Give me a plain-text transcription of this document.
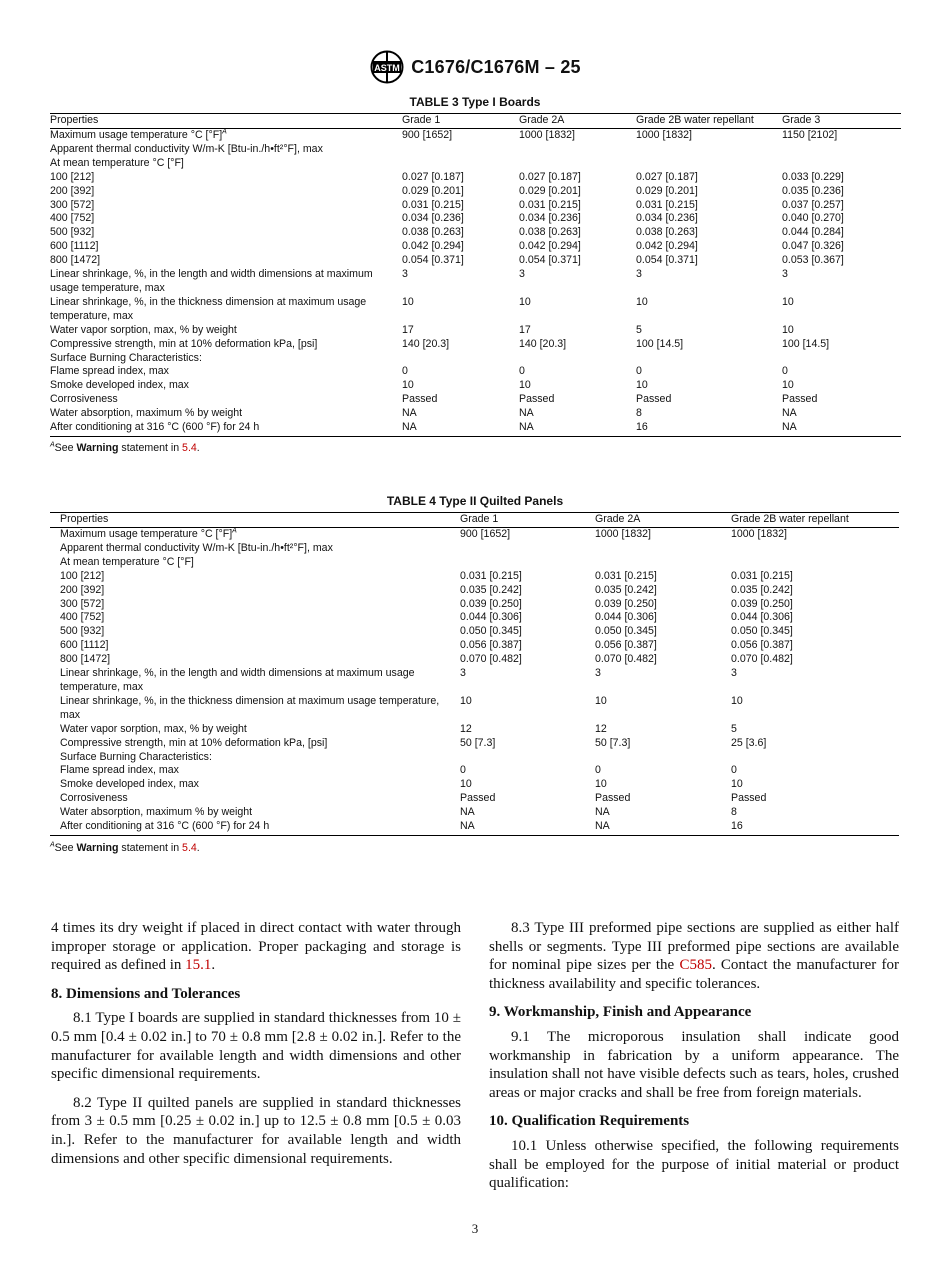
ASTM C1676/C1676M – 25
TABLE 3 Type I Boards
Properties	Grade 1	Grade 2A	Grade 2B water repellant	Grade 3
Maximum usage temperature °C $[^\circ F]^A$	900 [1652]	1000 [1832]	1000 [1832]	1150 [2102]
Apparent thermal conductivity W/m-K [Btu-in./h•ft²°F], max				
At mean temperature °C [°F]				
100 [212]	0.027 [0.187]	0.027 [0.187]	0.027 [0.187]	0.033 [0.229]
200 [392]	0.029 [0.201]	0.029 [0.201]	0.029 [0.201]	0.035 [0.236]
300 [572]	0.031 [0.215]	0.031 [0.215]	0.031 [0.215]	0.037 [0.257]
400 [752]	0.034 [0.236]	0.034 [0.236]	0.034 [0.236]	0.040 [0.270]
500 [932]	0.038 [0.263]	0.038 [0.263]	0.038 [0.263]	0.044 [0.284]
600 [1112]	0.042 [0.294]	0.042 [0.294]	0.042 [0.294]	0.047 [0.326]
800 [1472]	0.054 [0.371]	0.054 [0.371]	0.054 [0.371]	0.053 [0.367]
Linear shrinkage, %, in the length and width dimensions at maximum usage temperature, max	3	3	3	3
Linear shrinkage, %, in the thickness dimension at maximum usage temperature, max	10	10	10	10
Water vapor sorption, max, % by weight	17	17	5	10
Compressive strength, min at 10% deformation kPa, [psi]	140 [20.3]	140 [20.3]	100 [14.5]	100 [14.5]
Surface Burning Characteristics:				
Flame spread index, max	0	0	0	0
Smoke developed index, max	10	10	10	10
Corrosiveness	Passed	Passed	Passed	Passed
Water absorption, maximum % by weight	NA	NA	8	NA
After conditioning at 316 °C (600 °F) for 24 h	NA	NA	16	NA
$^A$See Warning statement in 5.4.
TABLE 4 Type II Quilted Panels
Properties	Grade 1	Grade 2A	Grade 2B water repellant
Maximum usage temperature °C $[^\circ F]^A$	900 [1652]	1000 [1832]	1000 [1832]
Apparent thermal conductivity W/m-K [Btu-in./h•ft²°F], max			
At mean temperature °C [°F]			
100 [212]	0.031 [0.215]	0.031 [0.215]	0.031 [0.215]
200 [392]	0.035 [0.242]	0.035 [0.242]	0.035 [0.242]
300 [572]	0.039 [0.250]	0.039 [0.250]	0.039 [0.250]
400 [752]	0.044 [0.306]	0.044 [0.306]	0.044 [0.306]
500 [932]	0.050 [0.345]	0.050 [0.345]	0.050 [0.345]
600 [1112]	0.056 [0.387]	0.056 [0.387]	0.056 [0.387]
800 [1472]	0.070 [0.482]	0.070 [0.482]	0.070 [0.482]
Linear shrinkage, %, in the length and width dimensions at maximum usage temperature, max	3	3	3
Linear shrinkage, %, in the thickness dimension at maximum usage temperature, max	10	10	10
Water vapor sorption, max, % by weight	12	12	5
Compressive strength, min at 10% deformation kPa, [psi]	50 [7.3]	50 [7.3]	25 [3.6]
Surface Burning Characteristics:			
Flame spread index, max	0	0	0
Smoke developed index, max	10	10	10
Corrosiveness	Passed	Passed	Passed
Water absorption, maximum % by weight	NA	NA	8
After conditioning at 316 °C (600 °F) for 24 h	NA	NA	16
$^A$See Warning statement in 5.4.

4 times its dry weight if placed in direct contact with water through improper storage or application. Proper packaging and storage is required as defined in 15.1.

8. Dimensions and Tolerances

8.1 Type I boards are supplied in standard thicknesses from 10 ± 0.5 mm [0.4 ± 0.02 in.] to 70 ± 0.8 mm [2.8 ± 0.02 in.]. Refer to the manufacturer for available length and width dimensions and other specific dimensional requirements.

8.2 Type II quilted panels are supplied in standard thicknesses from 3 ± 0.5 mm [0.25 ± 0.02 in.] up to 12.5 ± 0.8 mm [0.5 ± 0.03 in.]. Refer to the manufacturer for available length and width dimensions and other specific dimensional requirements.

8.3 Type III preformed pipe sections are supplied as either half shells or segments. Type III preformed pipe sections are available for nominal pipe sizes per the C585. Contact the manufacturer for thickness availability and specific tolerances.

9. Workmanship, Finish and Appearance

9.1 The microporous insulation shall indicate good workmanship in fabrication by a uniform appearance. The insulation shall not have visible defects such as tears, holes, crushed areas or major cracks and shall be free from foreign materials.

10. Qualification Requirements

10.1 Unless otherwise specified, the following requirements shall be employed for the purpose of initial material or product qualification:

3
